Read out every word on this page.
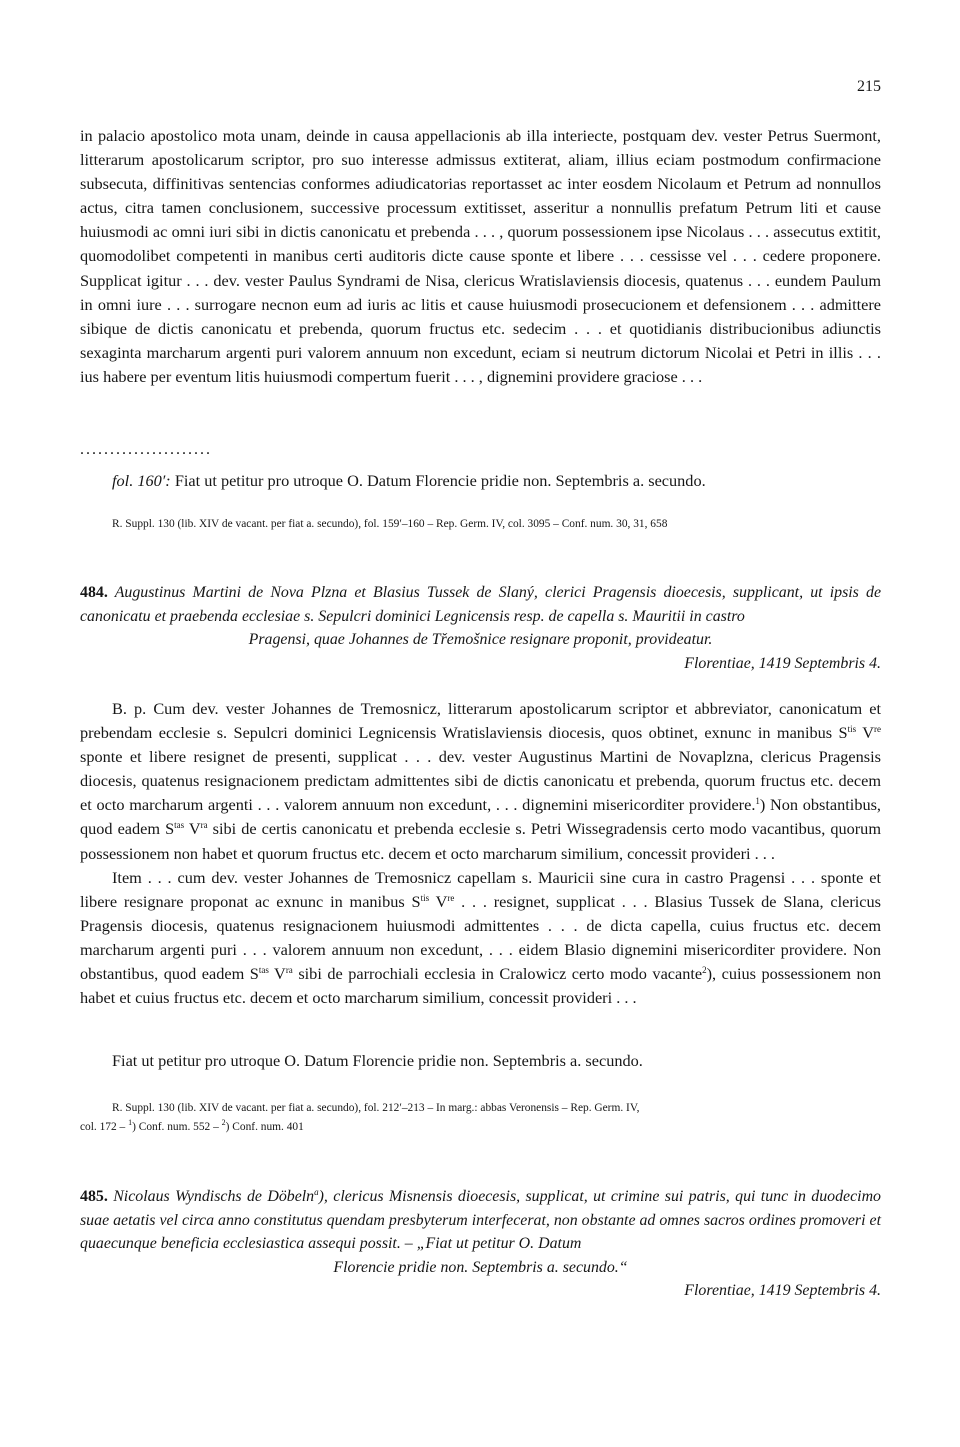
215

in palacio apostolico mota unam, deinde in causa appellacionis ab illa interiecte, postquam dev. vester Petrus Suermont, litterarum apostolicarum scriptor, pro suo interesse admissus extiterat, aliam, illius eciam postmodum confirmacione subsecuta, diffinitivas sentencias conformes adiudicatorias reportasset ac inter eosdem Nicolaum et Petrum ad nonnullos actus, citra tamen conclusionem, successive processum extitisset, asseritur a nonnullis prefatum Petrum liti et cause huiusmodi ac omni iuri sibi in dictis canonicatu et prebenda . . . , quorum possessionem ipse Nicolaus . . . assecutus extitit, quomodolibet competenti in manibus certi auditoris dicte cause sponte et libere . . . cessisse vel . . . cedere proponere. Supplicat igitur . . . dev. vester Paulus Syndrami de Nisa, clericus Wratislaviensis diocesis, quatenus . . . eundem Paulum in omni iure . . . surrogare necnon eum ad iuris ac litis et cause huiusmodi prosecucionem et defensionem . . . admittere sibique de dictis canonicatu et prebenda, quorum fructus etc. sedecim . . . et quotidianis distribucionibus adiunctis sexaginta marcharum argenti puri valorem annuum non excedunt, eciam si neutrum dictorum Nicolai et Petri in illis . . . ius habere per eventum litis huiusmodi compertum fuerit . . . , dignemini providere graciose . . .

......................
fol. 160′: Fiat ut petitur pro utroque O. Datum Florencie pridie non. Septembris a. secundo.

R. Suppl. 130 (lib. XIV de vacant. per fiat a. secundo), fol. 159′–160 – Rep. Germ. IV, col. 3095 – Conf. num. 30, 31, 658

484. Augustinus Martini de Nova Plzna et Blasius Tussek de Slaný, clerici Pragensis dioecesis, supplicant, ut ipsis de canonicatu et praebenda ecclesiae s. Sepulcri dominici Legnicensis resp. de capella s. Mauritii in castro

Pragensi, quae Johannes de Třemošnice resignare proponit, provideatur.

Florentiae, 1419 Septembris 4.

B. p. Cum dev. vester Johannes de Tremosnicz, litterarum apostolicarum scriptor et abbreviator, canonicatum et prebendam ecclesie s. Sepulcri dominici Legnicensis Wratislaviensis diocesis, quos obtinet, exnunc in manibus $S^{tis}$ Vre sponte et libere resignet de presenti, supplicat . . . dev. vester Augustinus Martini de Novaplzna, clericus Pragensis diocesis, quatenus resignacionem predictam admittentes sibi de dictis canonicatu et prebenda, quorum fructus etc. decem et octo marcharum argenti . . . valorem annuum non excedunt, . . . dignemini misericorditer providere.$^1$) Non obstantibus, quod eadem $S^{tas}$ $V^{ra}$ sibi de certis canonicatu et prebenda ecclesie s. Petri Wissegradensis certo modo vacantibus, quorum possessionem non habet et quorum fructus etc. decem et octo marcharum similium, concessit provideri . . .

Item . . . cum dev. vester Johannes de Tremosnicz capellam s. Mauricii sine cura in castro Pragensi . . . sponte et libere resignare proponat ac exnunc in manibus $S^{tis}$ Vre . . . resignet, supplicat . . . Blasius Tussek de Slana, clericus Pragensis diocesis, quatenus resignacionem huiusmodi admittentes . . . de dicta capella, cuius fructus etc. decem marcharum argenti puri . . . valorem annuum non excedunt, . . . eidem Blasio dignemini misericorditer providere. Non obstantibus, quod eadem $S^{tas}$ $V^{ra}$ sibi de parrochiali ecclesia in Cralowicz certo modo vacante$^2$), cuius possessionem non habet et cuius fructus etc. decem et octo marcharum similium, concessit provideri . . .

Fiat ut petitur pro utroque O. Datum Florencie pridie non. Septembris a. secundo.

R. Suppl. 130 (lib. XIV de vacant. per fiat a. secundo), fol. 212′–213 – In marg.: abbas Veronensis – Rep. Germ. IV,

col. 172 – $^1$) Conf. num. 552 – $^2$) Conf. num. 401

485. Nicolaus Wyndischs de Döbeln$^a$), clericus Misnensis dioecesis, supplicat, ut crimine sui patris, qui tunc in duodecimo suae aetatis vel circa anno constitutus quendam presbyterum interfecerat, non obstante ad omnes sacros ordines promoveri et quaecunque beneficia ecclesiastica assequi possit. – „Fiat ut petitur O. Datum

Florencie pridie non. Septembris a. secundo.“

Florentiae, 1419 Septembris 4.
